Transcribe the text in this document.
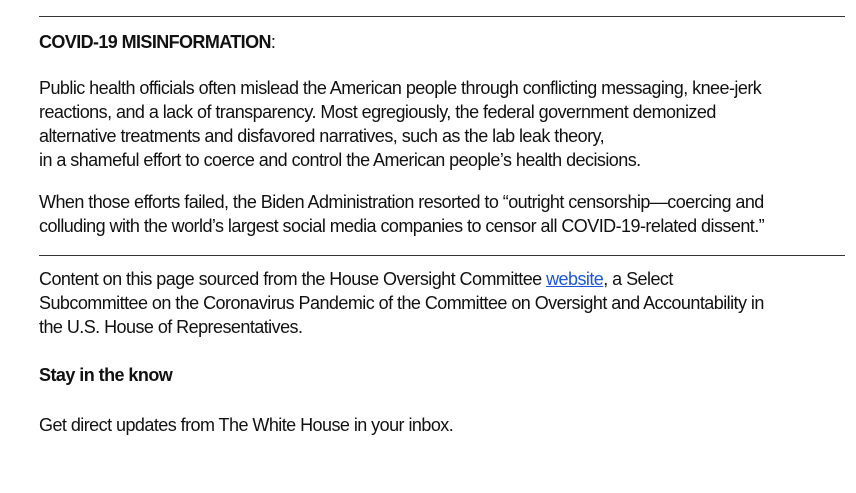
COVID-19 MISINFORMATION:

Public health officials often mislead the American people through conflicting messaging, knee-jerk
reactions, and a lack of transparency. Most egregiously, the federal government demonized
alternative treatments and disfavored narratives, such as the lab leak theory,
in a shameful effort to coerce and control the American people’s health decisions.

When those efforts failed, the Biden Administration resorted to “outright censorship—coercing and
colluding with the world’s largest social media companies to censor all COVID-19-related dissent.”

Content on this page sourced from the House Oversight Committee website, a Select
Subcommittee on the Coronavirus Pandemic of the Committee on Oversight and Accountability in
the U.S. House of Representatives.

Stay in the know
Get direct updates from The White House in your inbox.
